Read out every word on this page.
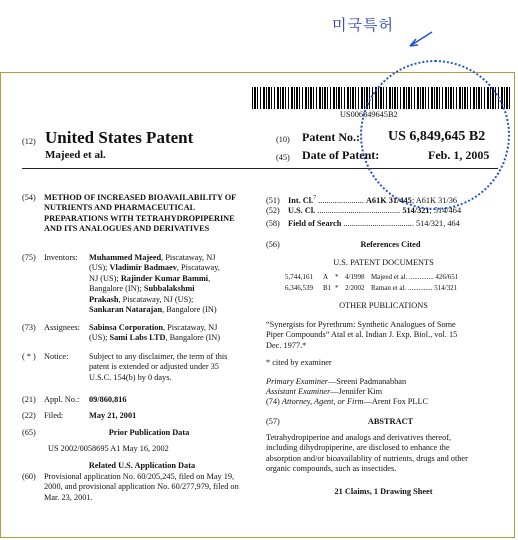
미국특허
US006849645B2
(12) United States Patent
Majeed et al.
(10) Patent No.: US 6,849,645 B2
(45) Date of Patent:	Feb. 1, 2005
(54) METHOD OF INCREASED BIOAVAILABILITY OF NUTRIENTS AND PHARMACEUTICAL PREPARATIONS WITH TETRAHYDROPIPERINE AND ITS ANALOGUES AND DERIVATIVES
(75) Inventors:	Muhammed Majeed, Piscataway, NJ
(US); Vladimir Badmaev, Piscataway,
NJ (US); Rajinder Kumar Bammi,
Bangalore (IN); Subbalakshmi
Prakash, Piscataway, NJ (US);
Sankaran Natarajan, Bangalore (IN)
(73) Assignees:	Sabinsa Corporation, Piscataway, NJ
(US); Sami Labs LTD, Bangalore (IN)
( * ) Notice:	Subject to any disclaimer, the term of this
patent is extended or adjusted under 35
U.S.C. 154(b) by 0 days.
(21) Appl. No.: 09/860,816
(22) Filed:	May 21, 2001
(65)	Prior Publication Data
US 2002/0058695 A1 May 16, 2002
Related U.S. Application Data
(60) Provisional application No. 60/205,245, filed on May 19,
2000, and provisional application No. 60/277,979, filed on
Mar. 23, 2001.
(51) Int. Cl.$^7$ ...................... A61K 31/445; A61K 31/36
(52) U.S. Cl. ........................................ 514/321; 514/464
(58) Field of Search .................................. 514/321, 464
(56)	References Cited
U.S. PATENT DOCUMENTS
5,744,161 A * 4/1998 Majeed et al. .............. 426/651
6,346,539 B1 * 2/2002 Raman et al. .............. 514/321
OTHER PUBLICATIONS
“Synergists for Pyrethrum: Synthetic Analogues of Some
Piper Compounds” Atal et al. Indian J. Exp. Biol., vol. 15
Dec. 1977.*
* cited by examiner
Primary Examiner—Sreeni Padmanabhan
Assistant Examiner—Jennifer Kim
(74) Attorney, Agent, or Firm—Arent Fox PLLC
(57)	ABSTRACT
Tetrahydropiperine and analogs and derivatives thereof,
including dihydropiperine, are disclosed to enhance the
absorption and/or bioavailablity of nutrients, drugs and other
organic compounds, such as insectides.
21 Claims, 1 Drawing Sheet
